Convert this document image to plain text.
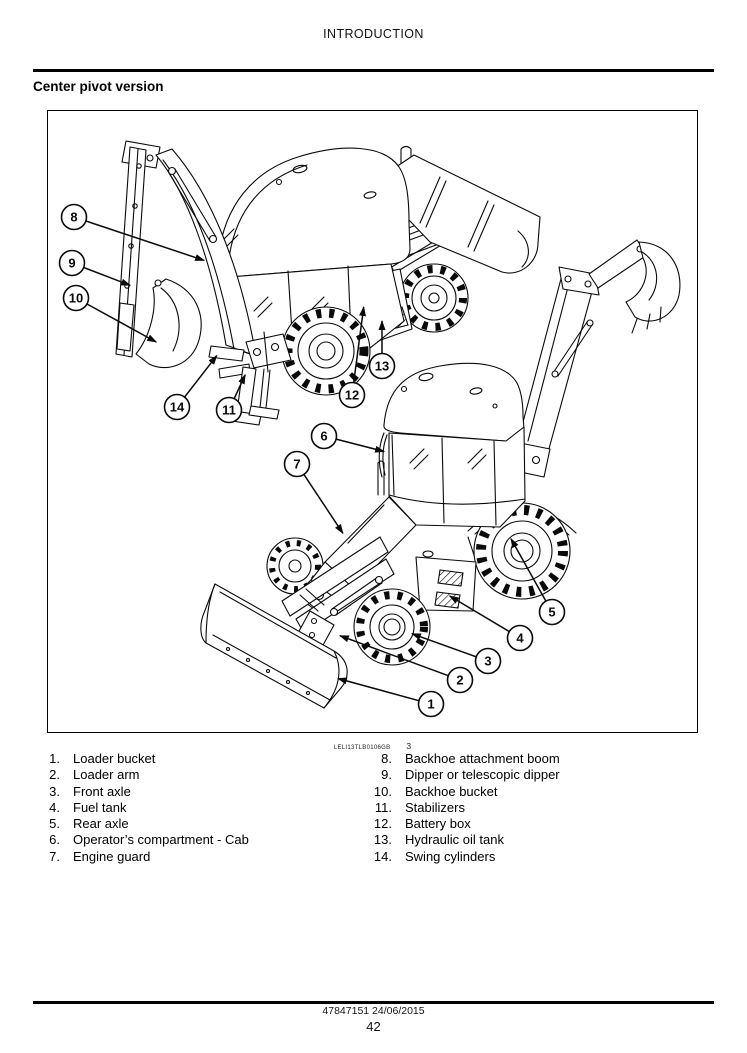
INTRODUCTION
Center pivot version
1
2
3
4
5
6
7
8
9
10
11
12
13
14
LELI13TLB0106GB 3
1. Loader bucket
2. Loader arm
3. Front axle
4. Fuel tank
5. Rear axle
6. Operator’s compartment - Cab
7. Engine guard
8. Backhoe attachment boom
9. Dipper or telescopic dipper
10. Backhoe bucket
11. Stabilizers
12. Battery box
13. Hydraulic oil tank
14. Swing cylinders
47847151 24/06/2015
42
